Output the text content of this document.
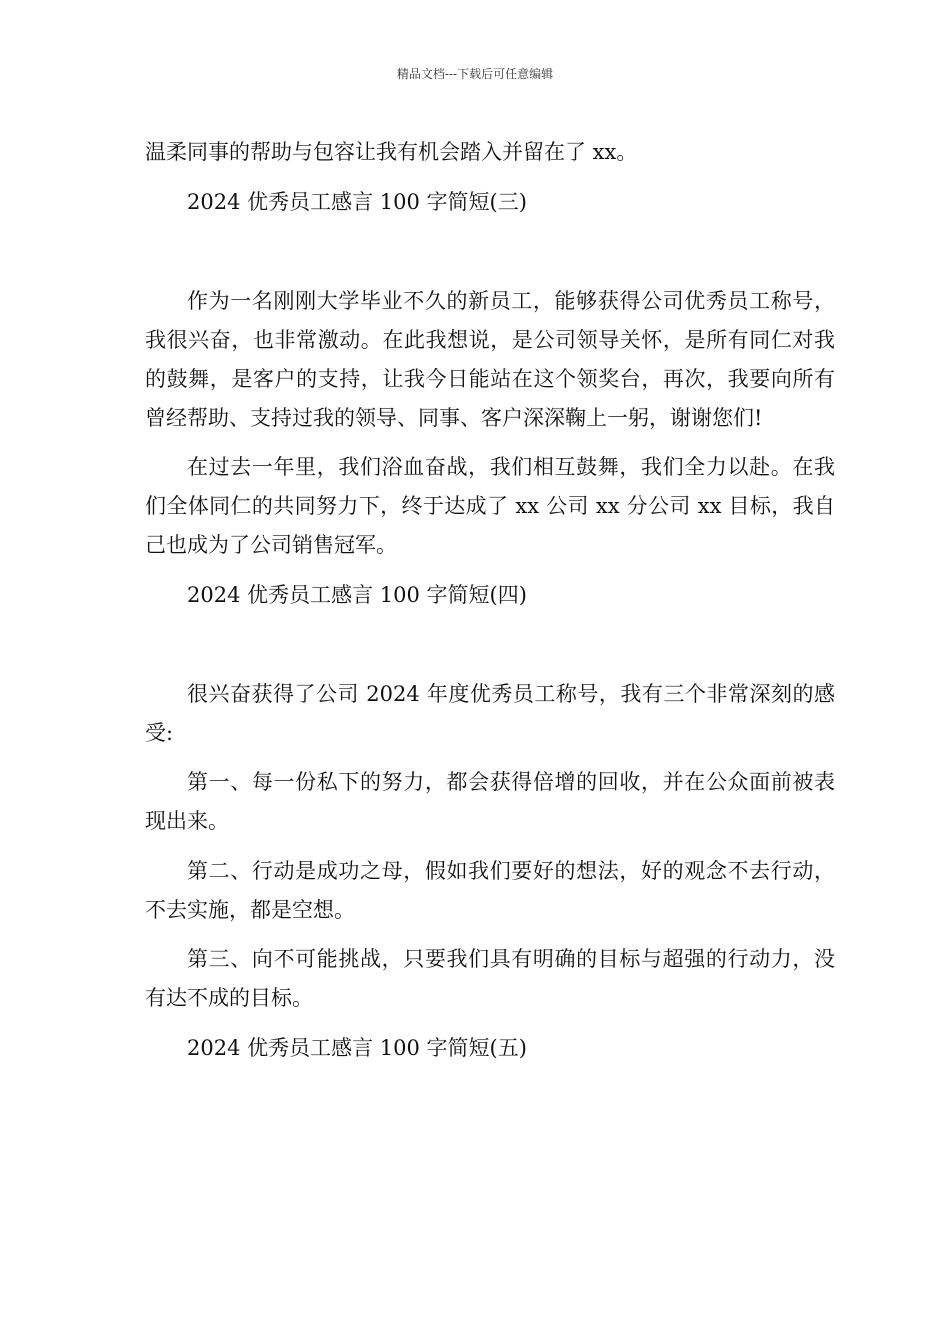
精品文档---下载后可任意编辑

温柔同事的帮助与包容让我有机会踏入并留在了 xx。

2024 优秀员工感言 100 字简短(三)

作为一名刚刚大学毕业不久的新员工，能够获得公司优秀员工称号，我很兴奋，也非常激动。在此我想说，是公司领导关怀，是所有同仁对我的鼓舞，是客户的支持，让我今日能站在这个领奖台，再次，我要向所有曾经帮助、支持过我的领导、同事、客户深深鞠上一躬，谢谢您们!

在过去一年里，我们浴血奋战，我们相互鼓舞，我们全力以赴。在我们全体同仁的共同努力下，终于达成了 xx 公司 xx 分公司 xx 目标，我自己也成为了公司销售冠军。

2024 优秀员工感言 100 字简短(四)

很兴奋获得了公司 2024 年度优秀员工称号，我有三个非常深刻的感受:

第一、每一份私下的努力，都会获得倍增的回收，并在公众面前被表现出来。

第二、行动是成功之母，假如我们要好的想法，好的观念不去行动，不去实施，都是空想。

第三、向不可能挑战，只要我们具有明确的目标与超强的行动力，没有达不成的目标。

2024 优秀员工感言 100 字简短(五)
